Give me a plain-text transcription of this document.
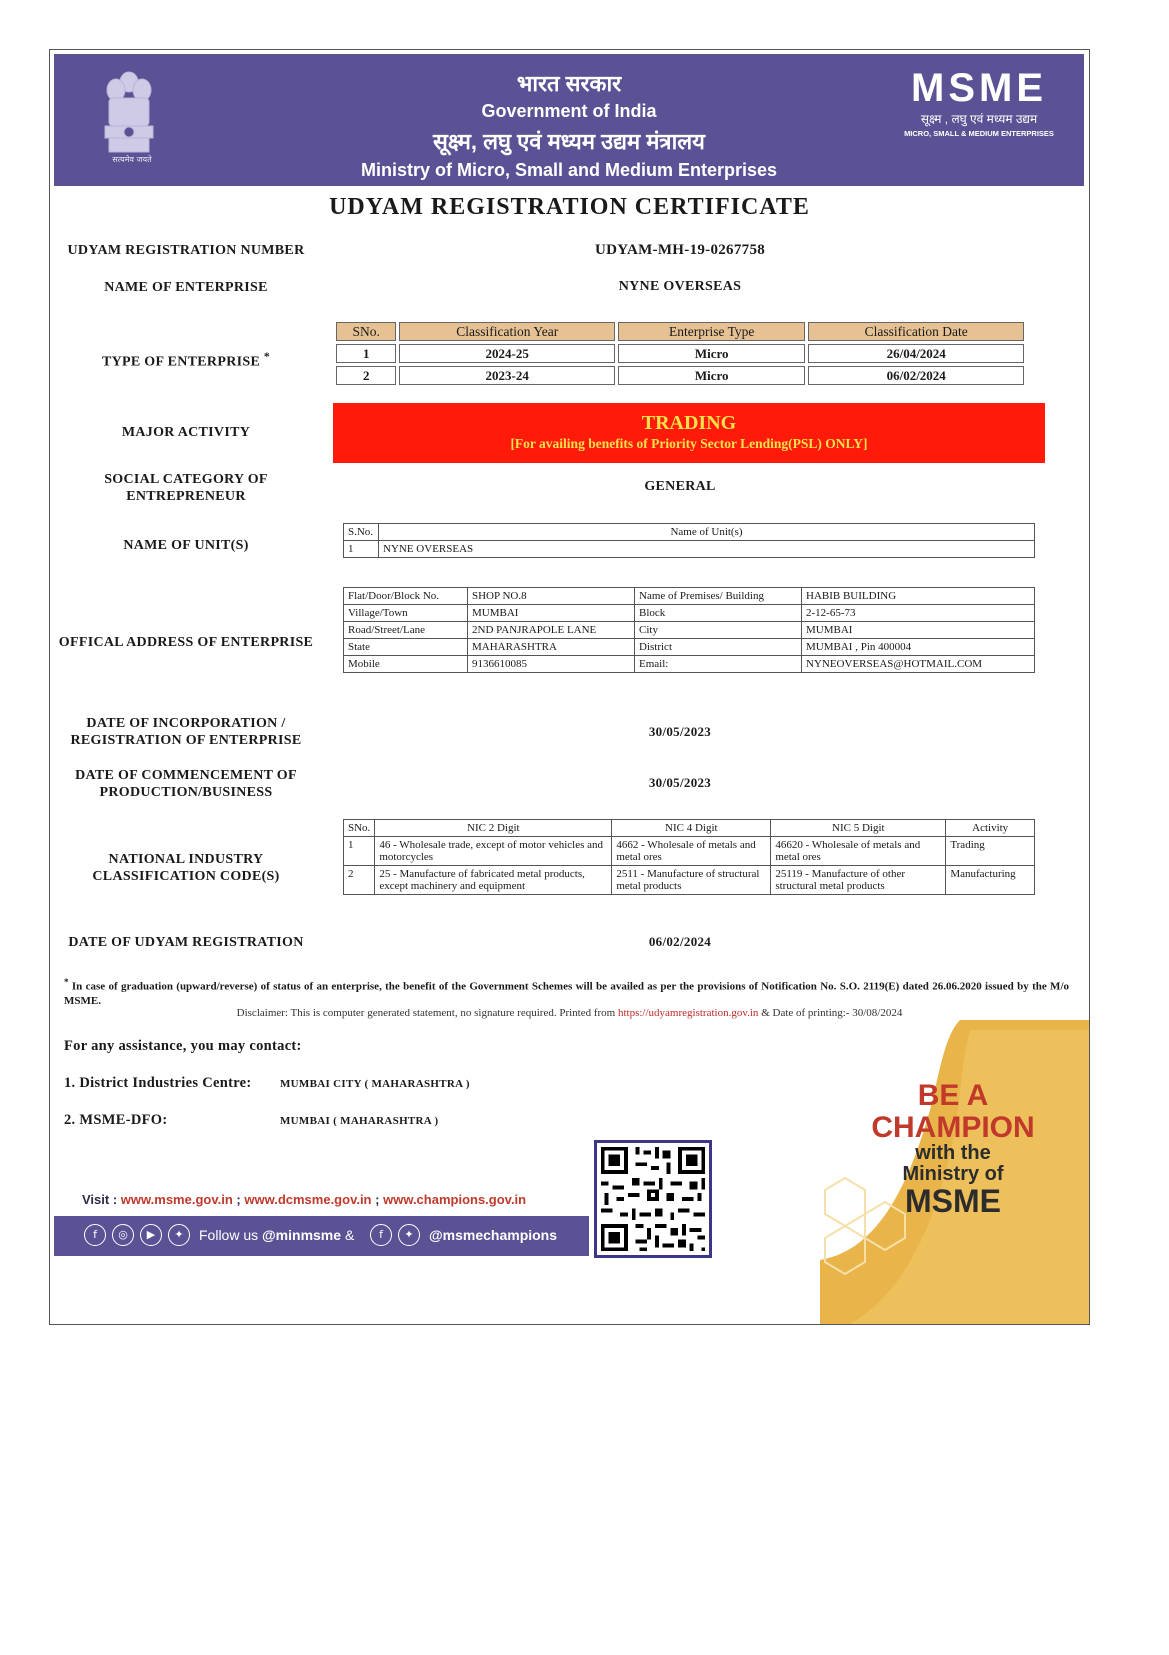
सत्यमेव जयते
भारत सरकार
Government of India
सूक्ष्म, लघु एवं मध्यम उद्यम मंत्रालय
Ministry of Micro, Small and Medium Enterprises
MSME
सूक्ष्म , लघु एवं मध्यम उद्यम
MICRO, SMALL & MEDIUM ENTERPRISES
UDYAM REGISTRATION CERTIFICATE
UDYAM REGISTRATION NUMBER	UDYAM-MH-19-0267758
NAME OF ENTERPRISE	NYNE OVERSEAS
TYPE OF ENTERPRISE *
SNo.	Classification Year	Enterprise Type	Classification Date
1	2024-25	Micro	26/04/2024
2	2023-24	Micro	06/02/2024
MAJOR ACTIVITY	TRADING
[For availing benefits of Priority Sector Lending(PSL) ONLY]
SOCIAL CATEGORY OF
ENTREPRENEUR
GENERAL
NAME OF UNIT(S)
S.No.	Name of Unit(s)
1	NYNE OVERSEAS
OFFICAL ADDRESS OF ENTERPRISE
Flat/Door/Block No.	SHOP NO.8	Name of Premises/ Building	HABIB BUILDING
Village/Town	MUMBAI	Block	2-12-65-73
Road/Street/Lane	2ND PANJRAPOLE LANE	City	MUMBAI
State	MAHARASHTRA	District	MUMBAI , Pin 400004
Mobile	9136610085	Email:	NYNEOVERSEAS@HOTMAIL.COM
DATE OF INCORPORATION /
REGISTRATION OF ENTERPRISE
30/05/2023
DATE OF COMMENCEMENT OF
PRODUCTION/BUSINESS
30/05/2023
NATIONAL INDUSTRY
CLASSIFICATION CODE(S)
SNo.	NIC 2 Digit	NIC 4 Digit	NIC 5 Digit	Activity
1	46 - Wholesale trade, except of motor vehicles and motorcycles	4662 - Wholesale of metals and metal ores	46620 - Wholesale of metals and metal ores	Trading
2	25 - Manufacture of fabricated metal products, except machinery and equipment	2511 - Manufacture of structural metal products	25119 - Manufacture of other structural metal products	Manufacturing
DATE OF UDYAM REGISTRATION	06/02/2024
* In case of graduation (upward/reverse) of status of an enterprise, the benefit of the Government Schemes will be availed as per the provisions of Notification No. S.O. 2119(E) dated 26.06.2020 issued by the M/o MSME.
Disclaimer: This is computer generated statement, no signature required. Printed from https://udyamregistration.gov.in & Date of printing:- 30/08/2024
BE A
CHAMPION
with the
Ministry of
MSME
For any assistance, you may contact:
1. District Industries Centre:	MUMBAI CITY ( MAHARASHTRA )
2. MSME-DFO:	MUMBAI ( MAHARASHTRA )
Visit : www.msme.gov.in ; www.dcmsme.gov.in ; www.champions.gov.in
f	◎	▶	✦	Follow us @minmsme &	f	✦	@msmechampions
